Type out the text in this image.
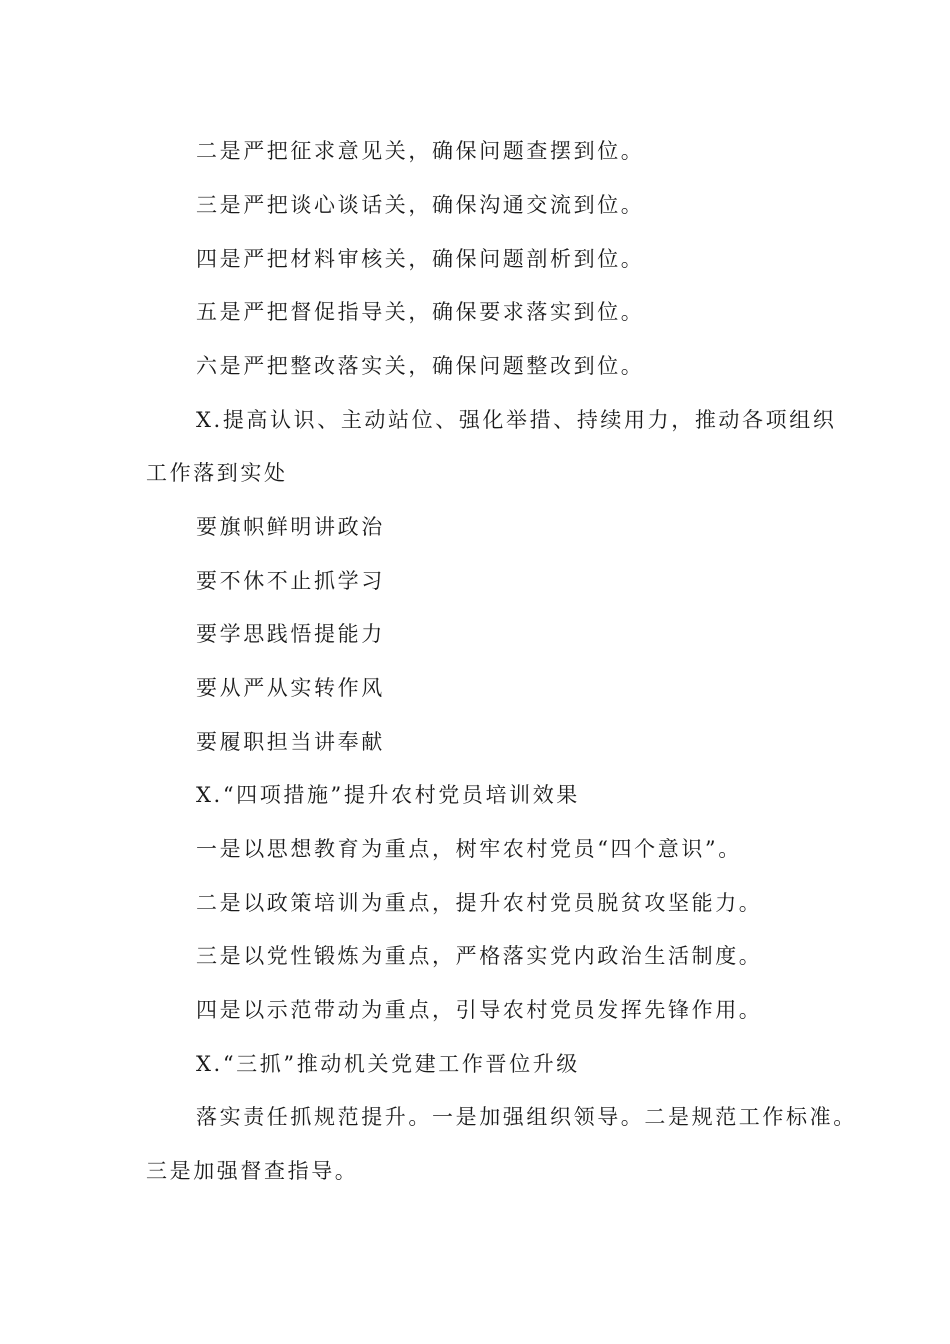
二是严把征求意见关，确保问题查摆到位。
三是严把谈心谈话关，确保沟通交流到位。
四是严把材料审核关，确保问题剖析到位。
五是严把督促指导关，确保要求落实到位。
六是严把整改落实关，确保问题整改到位。
X.提高认识、主动站位、强化举措、持续用力，推动各项组织
工作落到实处
要旗帜鲜明讲政治
要不休不止抓学习
要学思践悟提能力
要从严从实转作风
要履职担当讲奉献
X.“四项措施”提升农村党员培训效果
一是以思想教育为重点，树牢农村党员“四个意识”。
二是以政策培训为重点，提升农村党员脱贫攻坚能力。
三是以党性锻炼为重点，严格落实党内政治生活制度。
四是以示范带动为重点，引导农村党员发挥先锋作用。
X.“三抓”推动机关党建工作晋位升级
落实责任抓规范提升。一是加强组织领导。二是规范工作标准。
三是加强督查指导。
